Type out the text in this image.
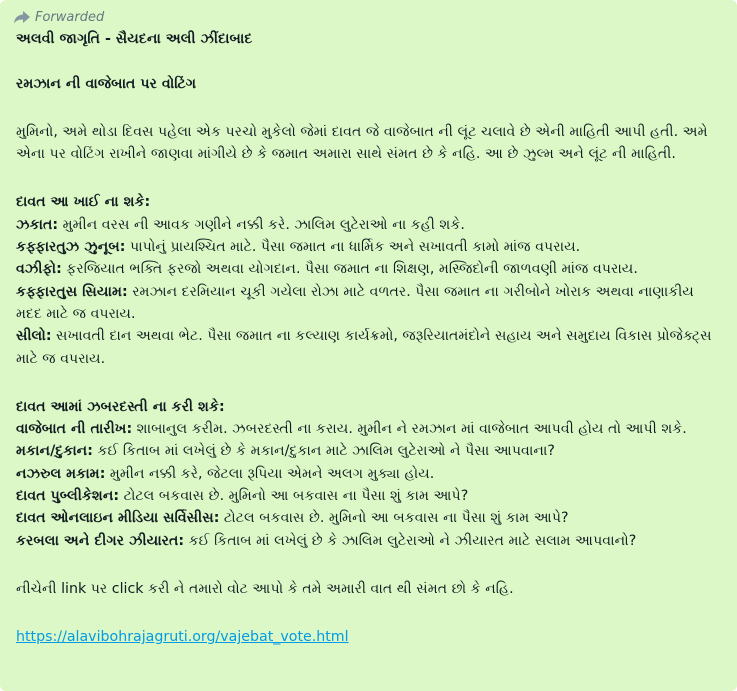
Forwarded

અલવી જાગૃતિ - સૈયદના અલી ઝીંદાબાદ

રમઝાન ની વાજેબાત પર વોટિંગ

મુમિનો, અમે થોડા દિવસ પહેલા એક પરચો મુકેલો જેમાં દાવત જે વાજેબાત ની લૂંટ ચલાવે છે એની માહિતી આપી હતી. અમે એના પર વોટિંગ રાખીને જાણવા માંગીયે છે કે જમાત અમારા સાથે સંમત છે કે નહિ. આ છે ઝુલ્મ અને લૂંટ ની માહિતી.

દાવત આ ખાઈ ના શકે:

ઝકાત: મુમીન વરસ ની આવક ગણીને નક્કી કરે. ઝાલિમ લુટેરાઓ ના કહી શકે.

કફ્ફારતુઝ ઝુનૂબ: પાપોનું પ્રાયશ્ચિત માટે. પૈસા જમાત ના ધાર્મિક અને સખાવતી કામો માંજ વપરાય.

વઝીફો: ફરજિયાત ભક્તિ ફરજો અથવા યોગદાન. પૈસા જમાત ના શિક્ષણ, મસ્જિદોની જાળવણી માંજ વપરાય.

કફ્ફારતુસ સિયામ: રમઝાન દરમિયાન ચૂકી ગયેલા રોઝા માટે વળતર. પૈસા જમાત ના ગરીબોને ખોરાક અથવા નાણાકીય મદદ માટે જ વપરાય.

સીલો: સખાવતી દાન અથવા ભેટ. પૈસા જમાત ના કલ્યાણ કાર્યક્રમો, જરૂરિયાતમંદોને સહાય અને સમુદાય વિકાસ પ્રોજેક્ટ્સ માટે જ વપરાય.

દાવત આમાં ઝબરદસ્તી ના કરી શકે:

વાજેબાત ની તારીખ: શાબાનુલ કરીમ. ઝબરદસ્તી ના કરાય. મુમીન ને રમઝાન માં વાજેબાત આપવી હોય તો આપી શકે.

મકાન/દુકાન: કઈ કિતાબ માં લખેલું છે કે મકાન/દુકાન માટે ઝાલિમ લુટેરાઓ ને પૈસા આપવાના?

નઝરુલ મકામ: મુમીન નક્કી કરે, જેટલા રૂપિયા એમને અલગ મુક્યા હોય.

દાવત પુબ્લીકેશન: ટોટલ બકવાસ છે. મુમિનો આ બકવાસ ના પૈસા શું કામ આપે?

દાવત ઓનલાઇન મીડિયા સર્વિસીસ: ટોટલ બકવાસ છે. મુમિનો આ બકવાસ ના પૈસા શું કામ આપે?

કરબલા અને દીગર ઝીયારત: કઈ કિતાબ માં લખેલું છે કે ઝાલિમ લુટેરાઓ ને ઝીયારત માટે સલામ આપવાનો?

નીચેની link પર click કરી ને તમારો વોટ આપો કે તમે અમારી વાત થી સંમત છો કે નહિ.

https://alavibohrajagruti.org/vajebat_vote.html
